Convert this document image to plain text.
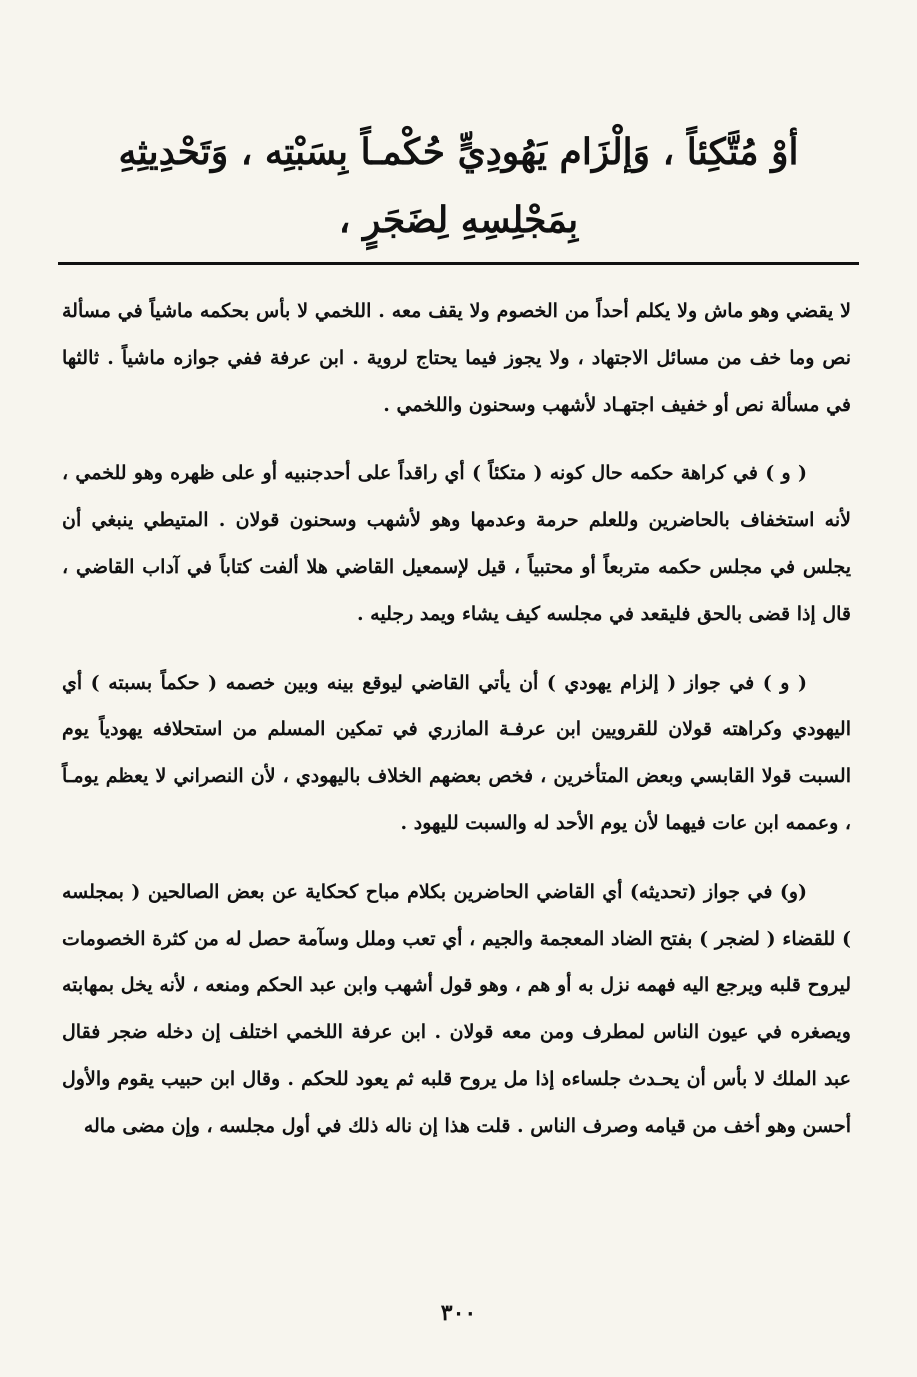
أوْ مُتَّكِئاً ، وَإلْزَام يَهُودِيٍّ حُكْمـاً بِسَبْتِه ، وَتَحْدِيثِهِ
بِمَجْلِسِهِ لِضَجَرٍ ،

لا يقضي وهو ماش ولا يكلم أحداً من الخصوم ولا يقف معه . اللخمي لا بأس بحكمه ماشياً في مسألة نص وما خف من مسائل الاجتهاد ، ولا يجوز فيما يحتاج لروية . ابن عرفة ففي جوازه ماشياً . ثالثها في مسألة نص أو خفيف اجتهـاد لأشهب وسحنون واللخمي .

( و ) في كراهة حكمه حال كونه ( متكئاً ) أي راقداً على أحدجنبيه أو على ظهره وهو للخمي ، لأنه استخفاف بالحاضرين وللعلم حرمة وعدمها وهو لأشهب وسحنون قولان . المتيطي ينبغي أن يجلس في مجلس حكمه متربعاً أو محتبياً ، قيل لإسمعيل القاضي هلا ألفت كتاباً في آداب القاضي ، قال إذا قضى بالحق فليقعد في مجلسه كيف يشاء ويمد رجليه .

( و ) في جواز ( إلزام يهودي ) أن يأتي القاضي ليوقع بينه وبين خصمه ( حكماً بسبته ) أي اليهودي وكراهته قولان للقرويين ابن عرفـة المازري في تمكين المسلم من استحلافه يهودياً يوم السبت قولا القابسي وبعض المتأخرين ، فخص بعضهم الخلاف باليهودي ، لأن النصراني لا يعظم يومـاً ، وعممه ابن عات فيهما لأن يوم الأحد له والسبت لليهود .

(و) في جواز (تحديثه) أي القاضي الحاضرين بكلام مباح كحكاية عن بعض الصالحين ( بمجلسه ) للقضاء ( لضجر ) بفتح الضاد المعجمة والجيم ، أي تعب وملل وسآمة حصل له من كثرة الخصومات ليروح قلبه ويرجع اليه فهمه نزل به أو هم ، وهو قول أشهب وابن عبد الحكم ومنعه ، لأنه يخل بمهابته ويصغره في عيون الناس لمطرف ومن معه قولان . ابن عرفة اللخمي اختلف إن دخله ضجر فقال عبد الملك لا بأس أن يحـدث جلساءه إذا مل يروح قلبه ثم يعود للحكم . وقال ابن حبيب يقوم والأول أحسن وهو أخف من قيامه وصرف الناس . قلت هذا إن ناله ذلك في أول مجلسه ، وإن مضى ماله

٣٠٠
